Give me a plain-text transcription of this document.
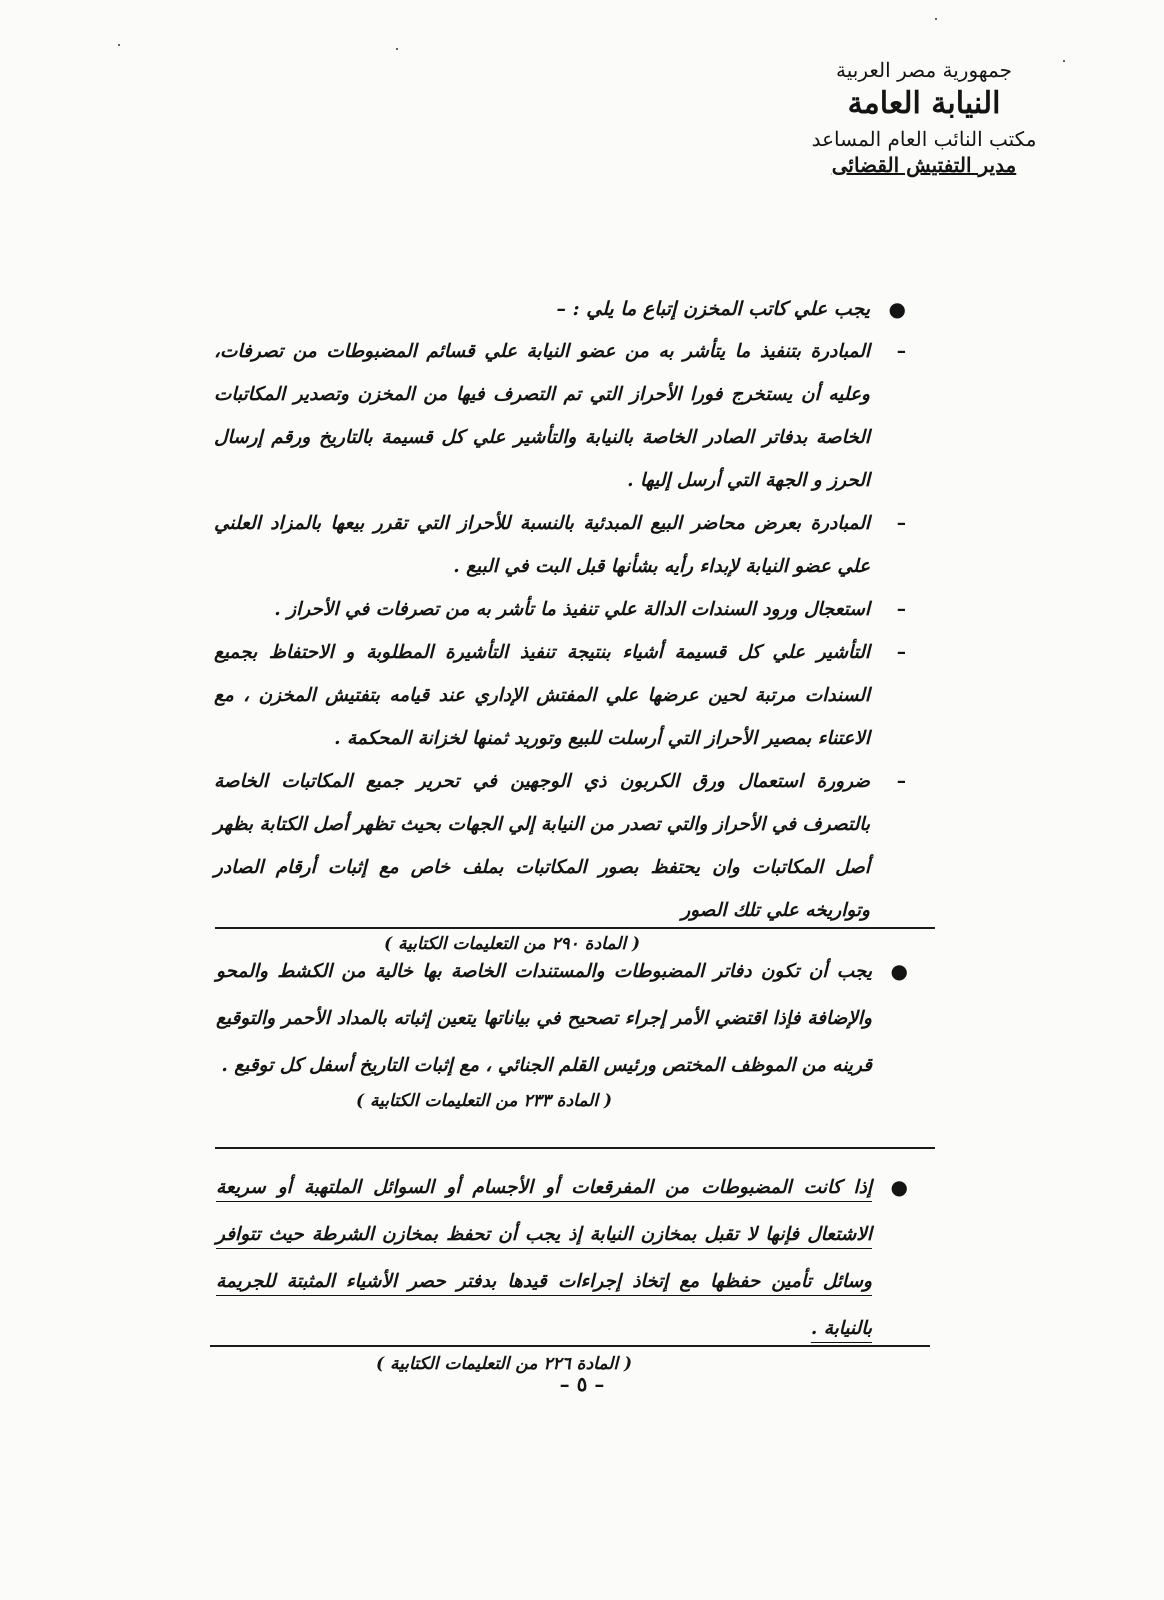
جمهورية مصر العربية
النيابة العامة
مكتب النائب العام المساعد
مدير التفتيش القضائى
●
يجب علي كاتب المخزن إتباع ما يلي : –
–
المبادرة بتنفيذ ما يتأشر به من عضو النيابة علي قسائم المضبوطات من تصرفات، وعليه أن يستخرج فورا الأحراز التي تم التصرف فيها من المخزن وتصدير المكاتبات الخاصة بدفاتر الصادر الخاصة بالنيابة والتأشير علي كل قسيمة بالتاريخ ورقم إرسال الحرز و الجهة التي أرسل إليها .
–
المبادرة بعرض محاضر البيع المبدئية بالنسبة للأحراز التي تقرر بيعها بالمزاد العلني علي عضو النيابة لإبداء رأيه بشأنها قبل البت في البيع .
–
استعجال ورود السندات الدالة علي تنفيذ ما تأشر به من تصرفات في الأحراز .
–
التأشير علي كل قسيمة أشياء بنتيجة تنفيذ التأشيرة المطلوبة و الاحتفاظ بجميع السندات مرتبة لحين عرضها علي المفتش الإداري عند قيامه بتفتيش المخزن ، مع الاعتناء بمصير الأحراز التي أرسلت للبيع وتوريد ثمنها لخزانة المحكمة .
–
ضرورة استعمال ورق الكربون ذي الوجهين في تحرير جميع المكاتبات الخاصة بالتصرف في الأحراز والتي تصدر من النيابة إلي الجهات بحيث تظهر أصل الكتابة بظهر أصل المكاتبات وان يحتفظ بصور المكاتبات بملف خاص مع إثبات أرقام الصادر وتواريخه علي تلك الصور
( المادة ٢٩٠ من التعليمات الكتابية )
●
يجب أن تكون دفاتر المضبوطات والمستندات الخاصة بها خالية من الكشط والمحو والإضافة فإذا اقتضي الأمر إجراء تصحيح في بياناتها يتعين إثباته بالمداد الأحمر والتوقيع قرينه من الموظف المختص ورئيس القلم الجنائي ، مع إثبات التاريخ أسفل كل توقيع .
( المادة ٢٣٣ من التعليمات الكتابية )
●
إذا كانت المضبوطات من المفرقعات أو الأجسام أو السوائل الملتهبة أو سريعة الاشتعال فإنها لا تقبل بمخازن النيابة إذ يجب أن تحفظ بمخازن الشرطة حيث تتوافر وسائل تأمين حفظها مع إتخاذ إجراءات قيدها بدفتر حصر الأشياء المثبتة للجريمة بالنيابة .
( المادة ٢٢٦ من التعليمات الكتابية )
– ٥ –
